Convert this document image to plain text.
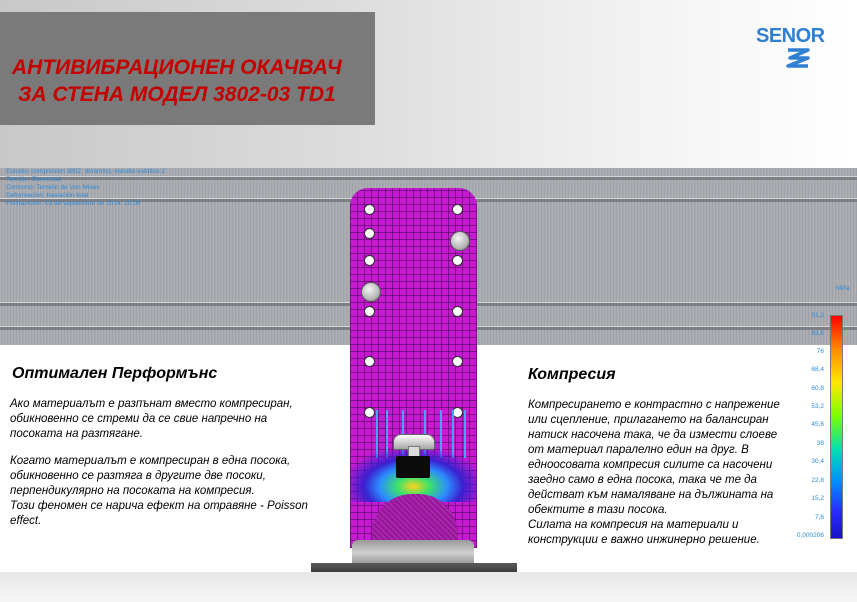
АНТИВИБРАЦИОНЕН ОКАЧВАЧ
ЗА СТЕНА МОДЕЛ 3802-03 TD1
SENOR
Estudio: compresion 3802, dinamico, estudio estático 2
Tensión: Elemental
Contorno: Tensión de Von Mises
Deformación: traslación total
Fecha/Autor: 03 de septiembre de 2014, 10:06
Оптимален Перформънс

Ако материалът е разпънат вместо компресиран, обикновенно се стреми да се свие напречно на посоката на разтягане.

Когато материалът е компресиран в една посока, обикновенно се разтяга в другите две посоки, перпендикулярно на посоката на компресия.

Този феномен се нарича ефект на отравяне - Poisson effect.

Компресия

Компресирането е контрастно с напрежение или сцепление, прилагането на балансиран натиск насочена така, че да измести слоеве от материал паралелно един на друг. В едноосовата компресия силите са насочени заедно само в една посока, така че те да действат към намаляване на дължината на обектите в тази посока.

Силата на компресия на материали и конструкции е важно инжинерно решение.

MPa
91,2
83,6
76
68,4
60,8
53,2
45,6
38
30,4
22,8
15,2
7,6
0,000206
